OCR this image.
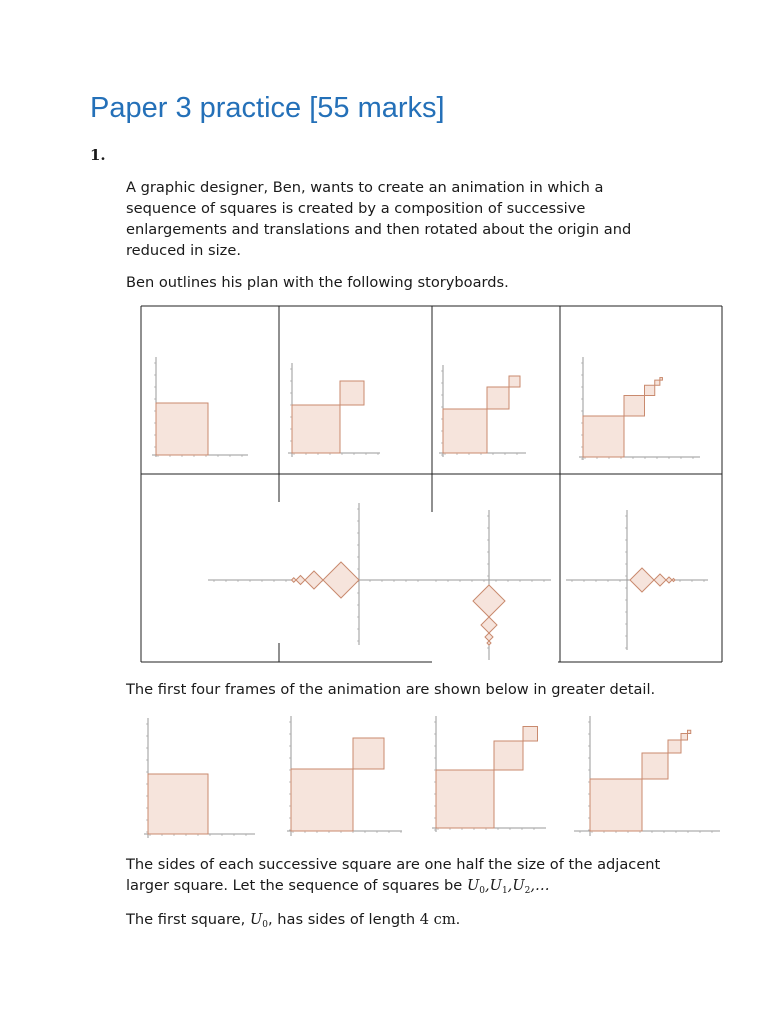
Paper 3 practice [55 marks]
1.

A graphic designer, Ben, wants to create an animation in which a sequence of squares is created by a composition of successive enlargements and translations and then rotated about the origin and reduced in size.

Ben outlines his plan with the following storyboards.

The first four frames of the animation are shown below in greater detail.

The sides of each successive square are one half the size of the adjacent larger square. Let the sequence of squares be $U_0,U_1,U_2,\dots$

The first square, $U_0$, has sides of length 4 cm.
